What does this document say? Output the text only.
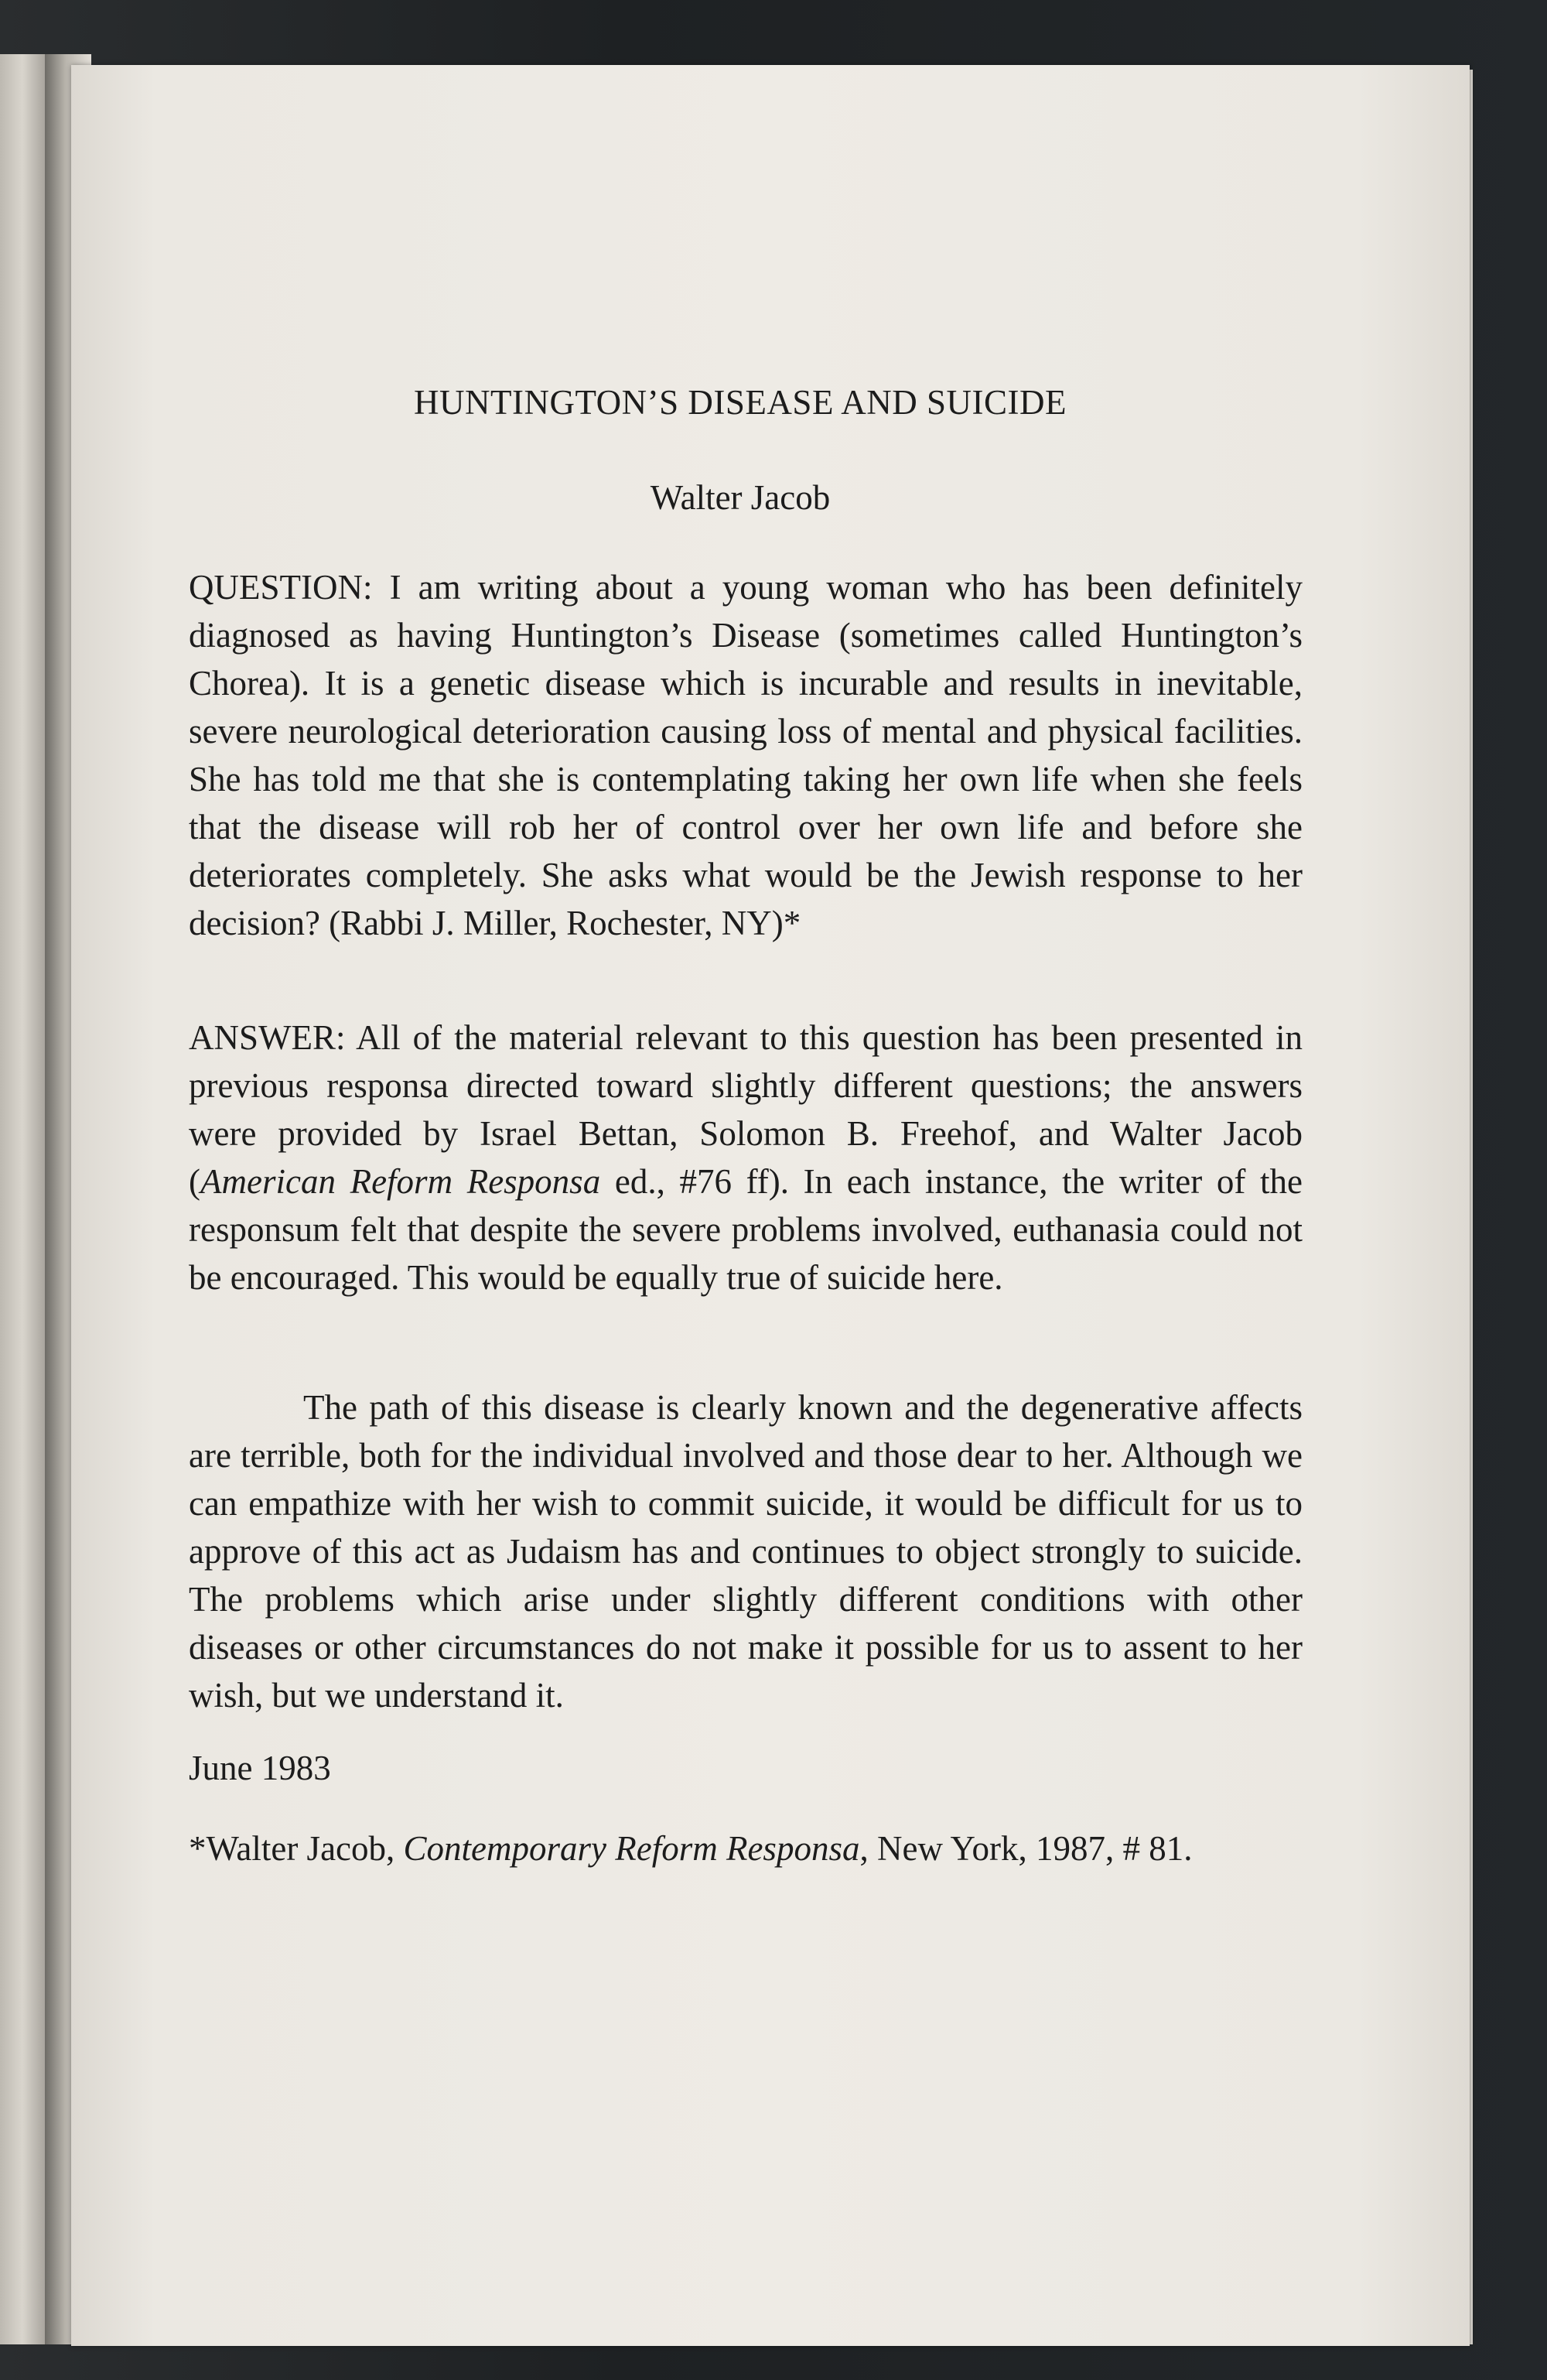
HUNTINGTON’S DISEASE AND SUICIDE
Walter Jacob
QUESTION: I am writing about a young woman who has been definitely diagnosed as having Huntington’s Disease (sometimes called Huntington’s Chorea). It is a genetic disease which is incurable and results in inevitable, severe neurological deterioration causing loss of mental and physical facilities. She has told me that she is contemplating taking her own life when she feels that the disease will rob her of control over her own life and before she deteriorates completely. She asks what would be the Jewish response to her decision? (Rabbi J. Miller, Rochester, NY)*
ANSWER: All of the material relevant to this question has been presented in previous responsa directed toward slightly different questions; the answers were provided by Israel Bettan, Solomon B. Freehof, and Walter Jacob (American Reform Responsa ed., #76 ff). In each instance, the writer of the responsum felt that despite the severe problems involved, euthanasia could not be encouraged. This would be equally true of suicide here.
The path of this disease is clearly known and the degenerative affects are terrible, both for the individual involved and those dear to her. Although we can empathize with her wish to commit suicide, it would be difficult for us to approve of this act as Judaism has and continues to object strongly to suicide. The problems which arise under slightly different conditions with other diseases or other circumstances do not make it possible for us to assent to her wish, but we understand it.
June 1983
*Walter Jacob, Contemporary Reform Responsa, New York, 1987, # 81.
